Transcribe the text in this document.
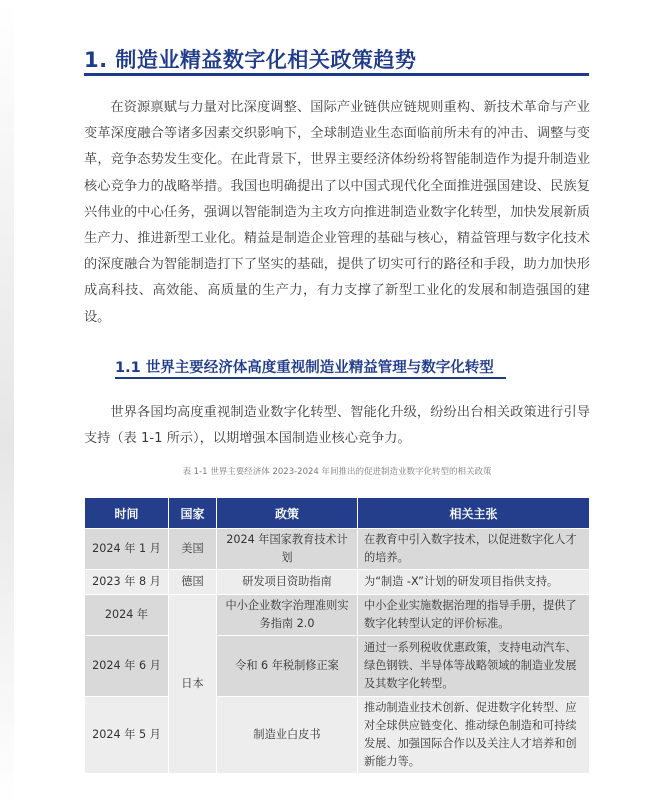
1. 制造业精益数字化相关政策趋势

在资源禀赋与力量对比深度调整、国际产业链供应链规则重构、新技术革命与产业变革深度融合等诸多因素交织影响下，全球制造业生态面临前所未有的冲击、调整与变革，竞争态势发生变化。在此背景下，世界主要经济体纷纷将智能制造作为提升制造业核心竞争力的战略举措。我国也明确提出了以中国式现代化全面推进强国建设、民族复兴伟业的中心任务，强调以智能制造为主攻方向推进制造业数字化转型，加快发展新质生产力、推进新型工业化。精益是制造企业管理的基础与核心，精益管理与数字化技术的深度融合为智能制造打下了坚实的基础，提供了切实可行的路径和手段，助力加快形成高科技、高效能、高质量的生产力，有力支撑了新型工业化的发展和制造强国的建设。

1.1 世界主要经济体高度重视制造业精益管理与数字化转型

世界各国均高度重视制造业数字化转型、智能化升级，纷纷出台相关政策进行引导支持（表 1-1 所示），以期增强本国制造业核心竞争力。

表 1-1 世界主要经济体 2023-2024 年间推出的促进制造业数字化转型的相关政策
时间	国家	政策	相关主张
2024 年 1 月	美国	2024 年国家教育技术计划	在教育中引入数字技术，以促进数字化人才的培养。
2023 年 8 月	德国	研发项目资助指南	为“制造 -X”计划的研发项目指供支持。
2024 年	日本	中小企业数字治理准则实务指南 2.0	中小企业实施数据治理的指导手册，提供了数字化转型认定的评价标准。
2024 年 6 月		令和 6 年税制修正案	通过一系列税收优惠政策，支持电动汽车、绿色钢铁、半导体等战略领域的制造业发展及其数字化转型。
2024 年 5 月		制造业白皮书	推动制造业技术创新、促进数字化转型、应对全球供应链变化、推动绿色制造和可持续发展、加强国际合作以及关注人才培养和创新能力等。
